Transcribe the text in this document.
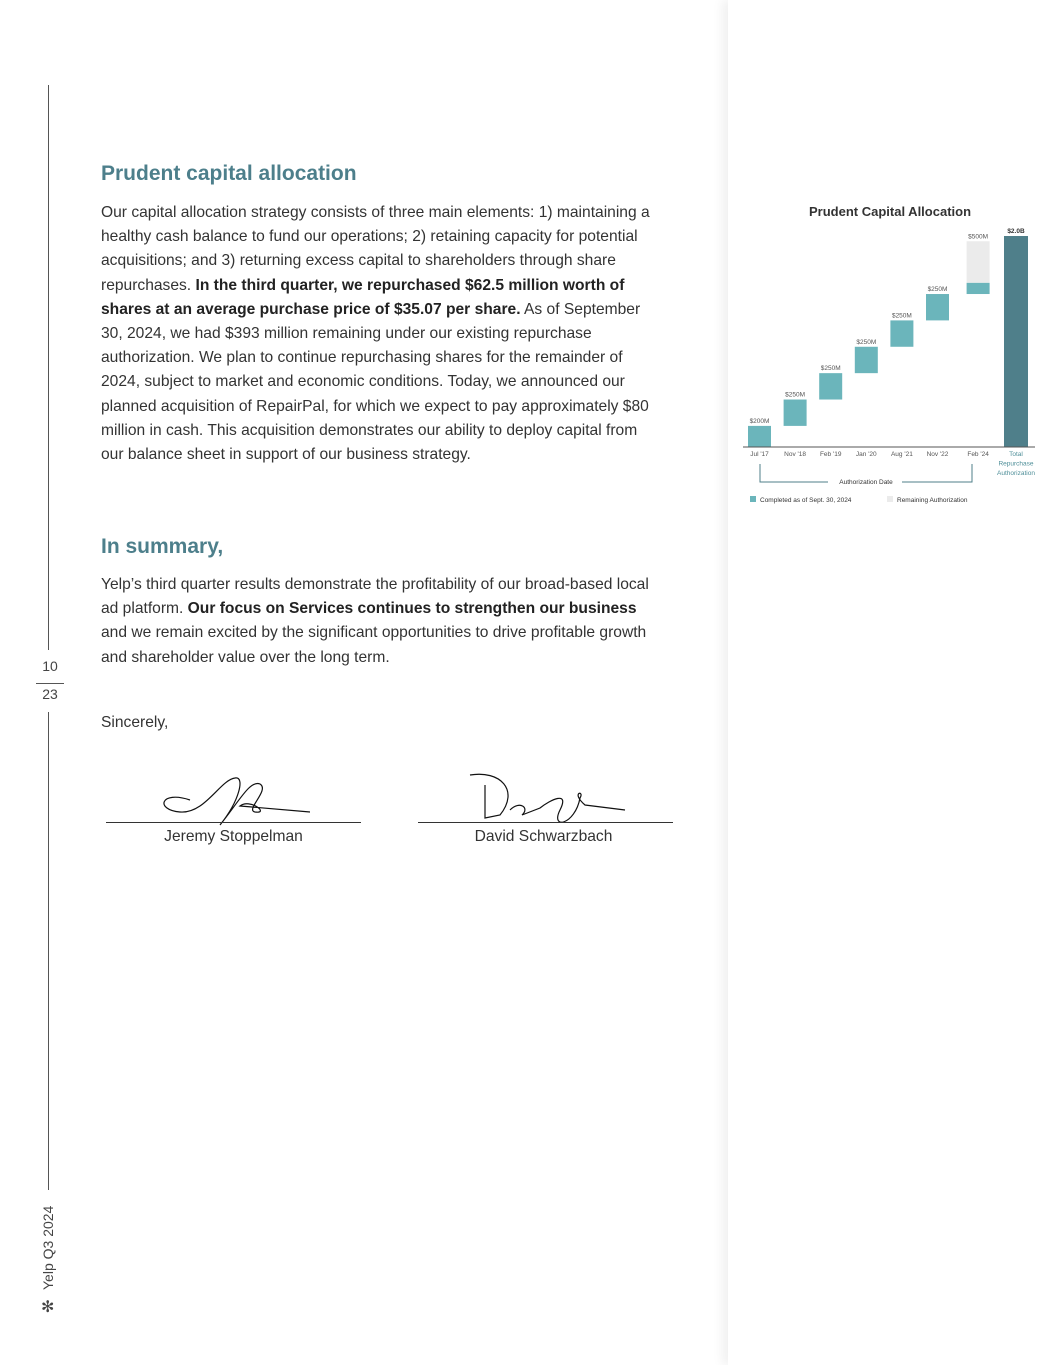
10
23
Yelp Q3 2024
✻
Prudent capital allocation

Our capital allocation strategy consists of three main elements: 1) maintaining a healthy cash balance to fund our operations; 2) retaining capacity for potential acquisitions; and 3) returning excess capital to shareholders through share repurchases. In the third quarter, we repurchased $62.5 million worth of shares at an average purchase price of $35.07 per share. As of September 30, 2024, we had $393 million remaining under our existing repurchase authorization. We plan to continue repurchasing shares for the remainder of 2024, subject to market and economic conditions. Today, we announced our planned acquisition of RepairPal, for which we expect to pay approximately $80 million in cash. This acquisition demonstrates our ability to deploy capital from our balance sheet in support of our business strategy.

In summary,

Yelp’s third quarter results demonstrate the profitability of our broad-based local ad platform. Our focus on Services continues to strengthen our business and we remain excited by the significant opportunities to drive profitable growth and shareholder value over the long term.

Sincerely,

Jeremy Stoppelman	David Schwarzbach
Prudent Capital Allocation
$200M
Jul '17
$250M
Nov '18
$250M
Feb '19
$250M
Jan '20
$250M
Aug '21
$250M
Nov '22
$500M
Feb '24
$2.0B
Total
Repurchase
Authorization
Authorization Date
Completed as of Sept. 30, 2024	Remaining Authorization
